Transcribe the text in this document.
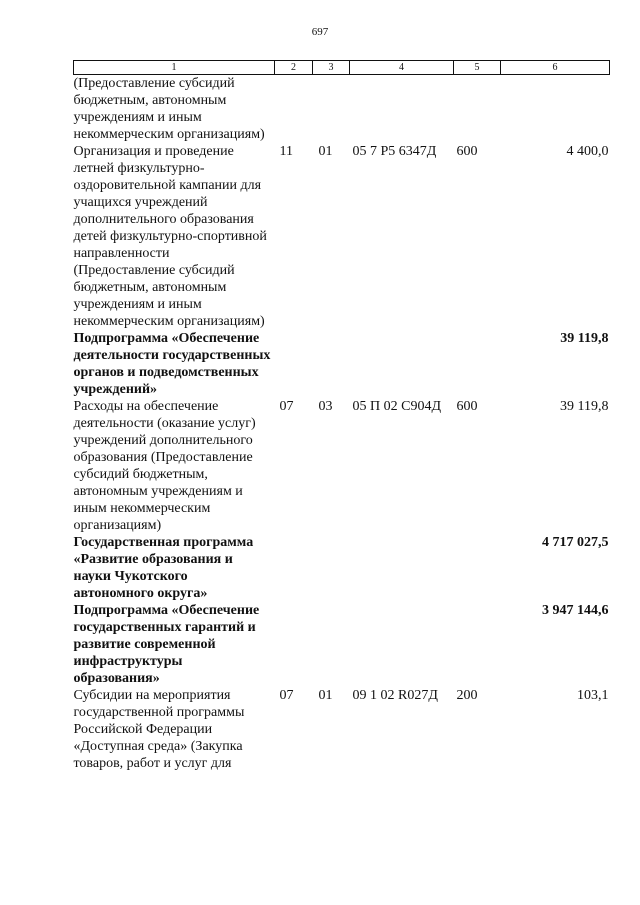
697
1	2	3	4	5	6
(Предоставление субсидий бюджетным, автономным учреждениям и иным некоммерческим организациям)					
Организация и проведение летней физкультурно-оздоровительной кампании для учащихся учреждений дополнительного образования детей физкультурно-спортивной направленности (Предоставление субсидий бюджетным, автономным учреждениям и иным некоммерческим организациям)	11	01	05 7 P5 6347Д	600	4 400,0
Подпрограмма «Обеспечение деятельности государственных органов и подведомственных учреждений»					39 119,8
Расходы на обеспечение деятельности (оказание услуг) учреждений дополнительного образования (Предоставление субсидий бюджетным, автономным учреждениям и иным некоммерческим организациям)	07	03	05 П 02 С904Д	600	39 119,8
Государственная программа «Развитие образования и науки Чукотского автономного округа»					4 717 027,5
Подпрограмма «Обеспечение государственных гарантий и развитие современной инфраструктуры образования»					3 947 144,6
Субсидии на мероприятия государственной программы Российской Федерации «Доступная среда» (Закупка товаров, работ и услуг для	07	01	09 1 02 R027Д	200	103,1
